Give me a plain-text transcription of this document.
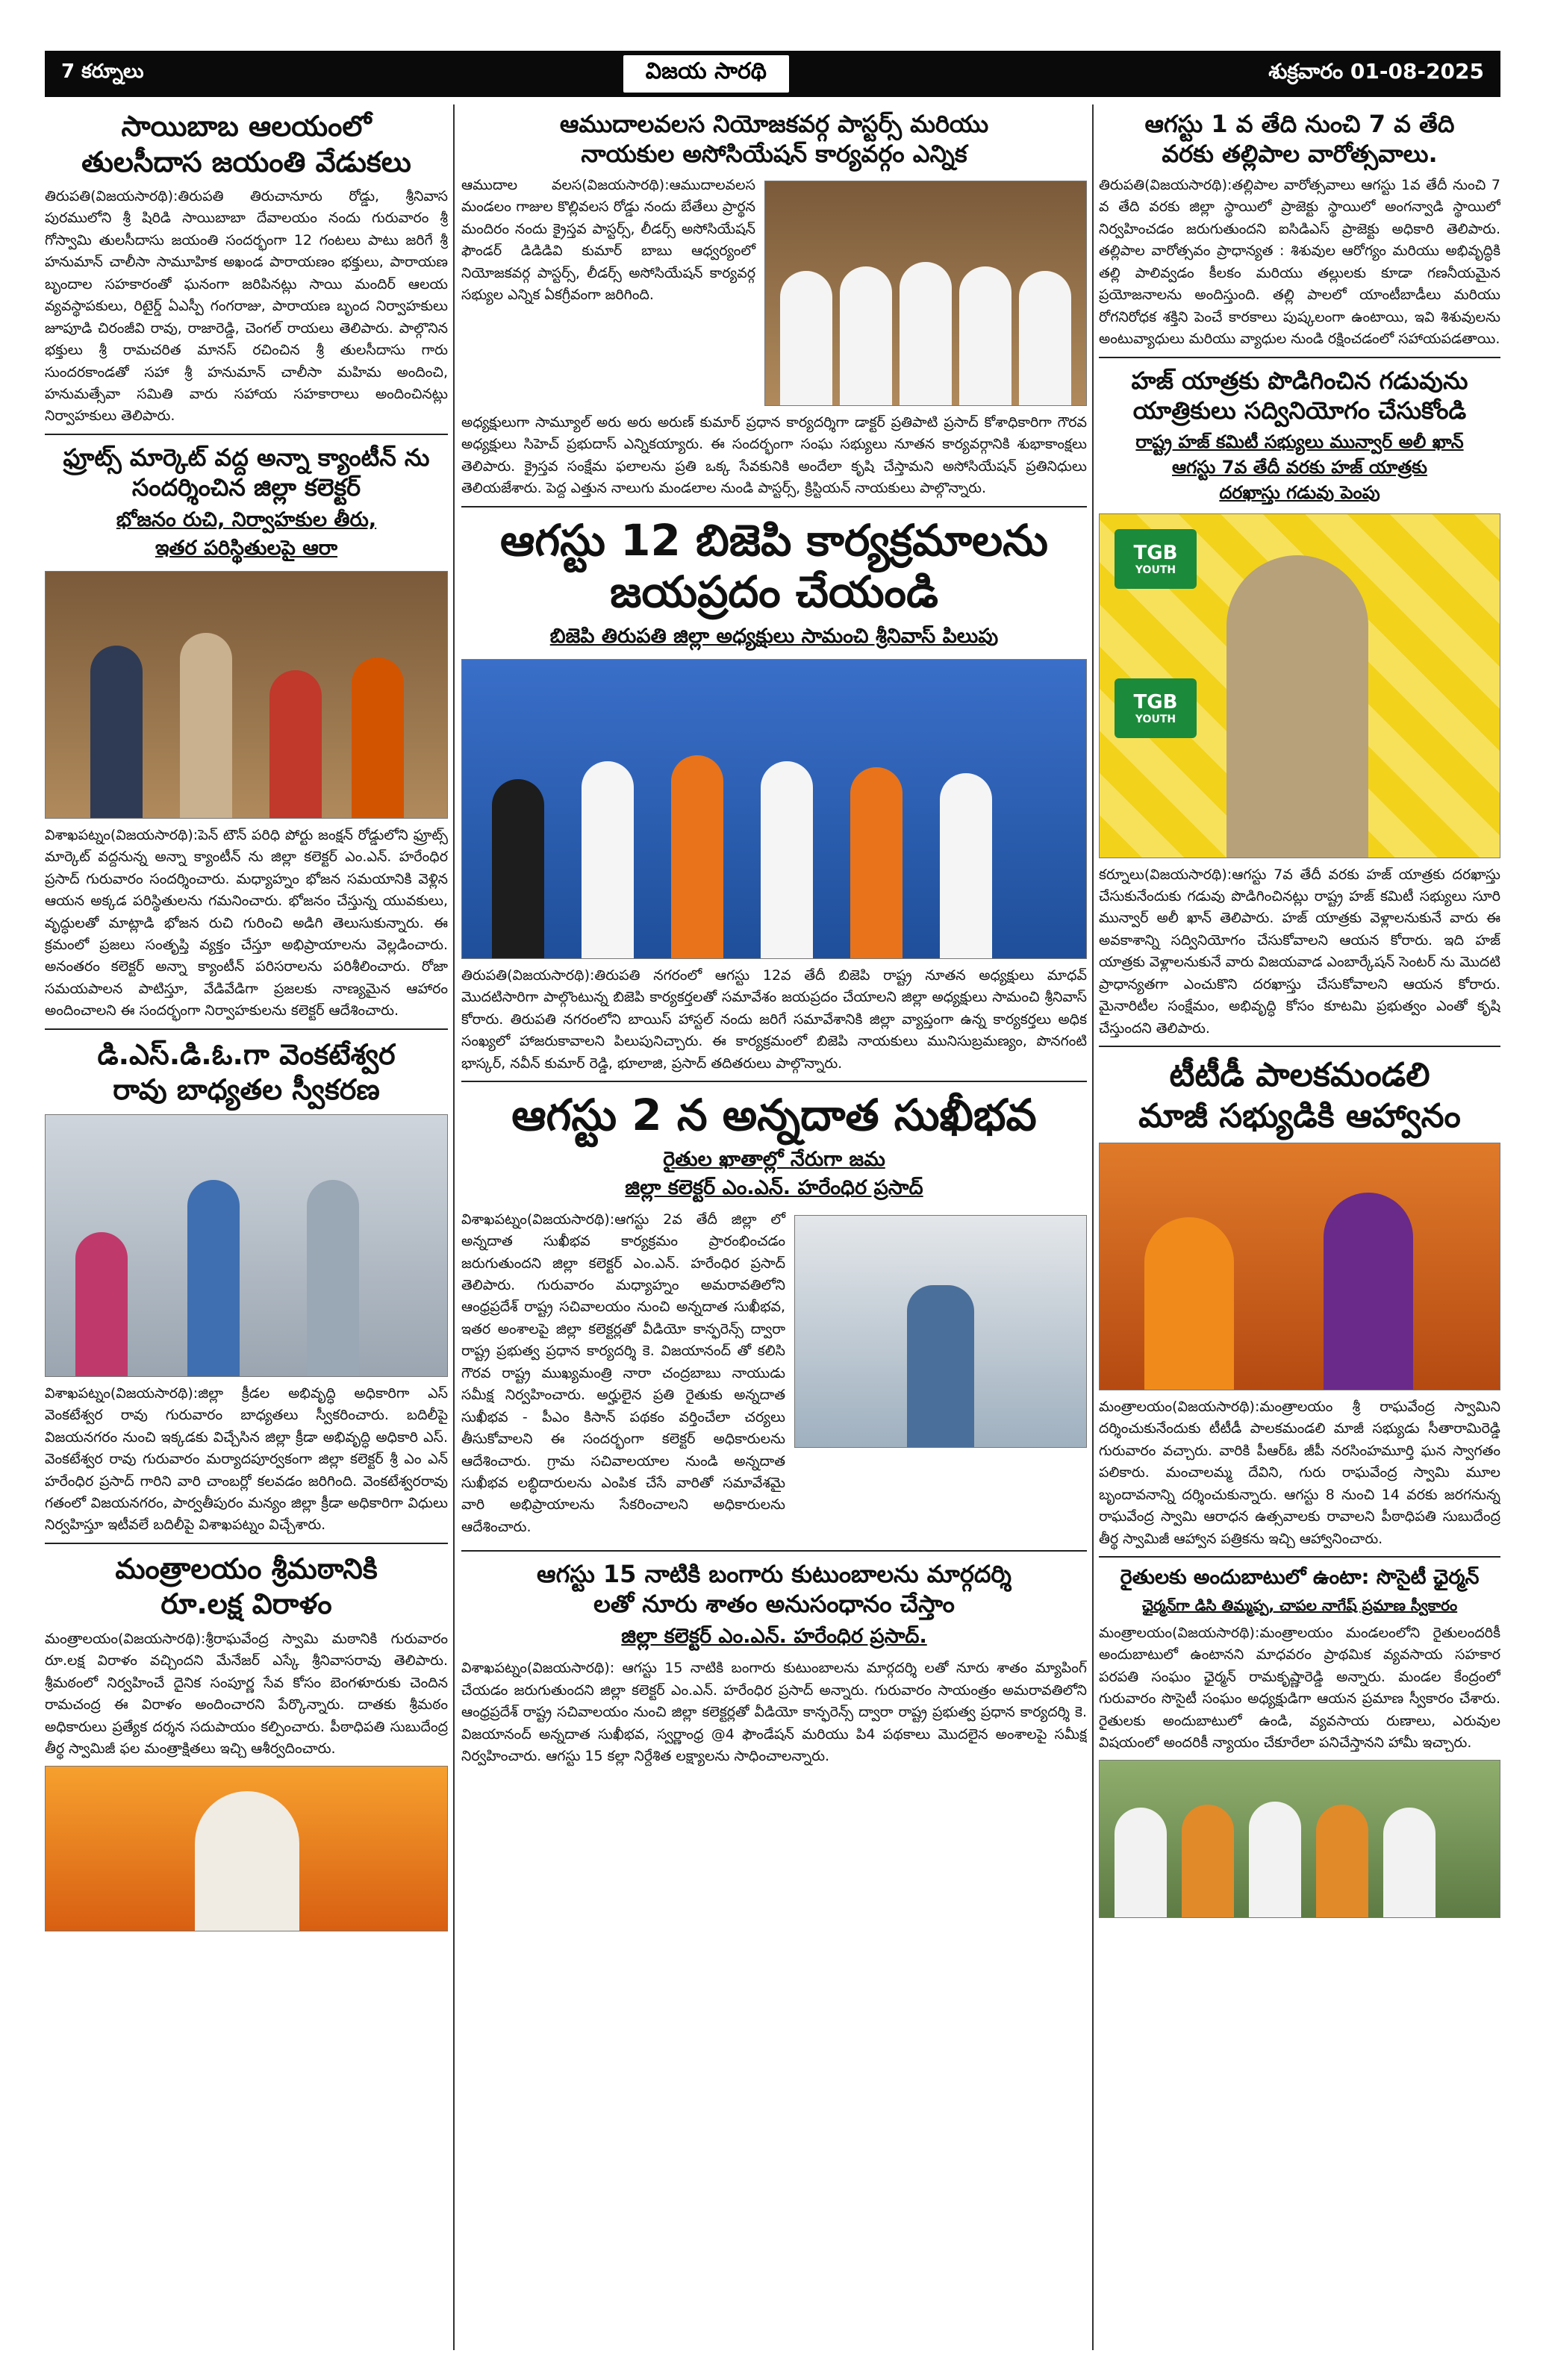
7 కర్నూలు	విజయ సారథి	శుక్రవారం 01-08-2025
సాయిబాబ ఆలయంలో
తులసీదాస జయంతి వేడుకలు

తిరుపతి(విజయసారథి):తిరుపతి తిరుచానూరు రోడ్డు, శ్రీనివాస పురములోని శ్రీ షిరిడి సాయిబాబా దేవాలయం నందు గురువారం శ్రీ గోస్వామి తులసీదాసు జయంతి సందర్భంగా 12 గంటలు పాటు జరిగే శ్రీ హనుమాన్ చాలీసా సామూహిక అఖండ పారాయణం భక్తులు, పారాయణ బృందాల సహకారంతో ఘనంగా జరిపినట్లు సాయి మందిర్ ఆలయ వ్యవస్థాపకులు, రిటైర్డ్ ఏఎస్పీ గంగరాజు, పారాయణ బృంద నిర్వాహకులు జూపూడి చిరంజీవి రావు, రాజారెడ్డి, చెంగల్ రాయలు తెలిపారు. పాల్గొనిన భక్తులు శ్రీ రామచరిత మానస్ రచించిన శ్రీ తులసీదాసు గారు సుందరకాండతో సహా శ్రీ హనుమాన్ చాలీసా మహిమ అందించి, హనుమత్సేవా సమితి వారు సహాయ సహకారాలు అందించినట్లు నిర్వాహకులు తెలిపారు.

ఫ్రూట్స్ మార్కెట్ వద్ద అన్నా క్యాంటీన్ ను
సందర్శించిన జిల్లా కలెక్టర్
భోజనం రుచి, నిర్వాహకుల తీరు,
ఇతర పరిస్థితులపై ఆరా

విశాఖపట్నం(విజయసారథి):పెన్ టౌన్ పరిధి పోర్టు జంక్షన్ రోడ్డులోని ఫ్రూట్స్ మార్కెట్ వద్దనున్న అన్నా క్యాంటీన్ ను జిల్లా కలెక్టర్ ఎం.ఎన్. హరేంధిర ప్రసాద్ గురువారం సందర్శించారు. మధ్యాహ్నం భోజన సమయానికి వెళ్లిన ఆయన అక్కడ పరిస్థితులను గమనించారు. భోజనం చేస్తున్న యువకులు, వృద్ధులతో మాట్లాడి భోజన రుచి గురించి అడిగి తెలుసుకున్నారు. ఈ క్రమంలో ప్రజలు సంతృప్తి వ్యక్తం చేస్తూ అభిప్రాయాలను వెల్లడించారు. అనంతరం కలెక్టర్ అన్నా క్యాంటీన్ పరిసరాలను పరిశీలించారు. రోజా సమయపాలన పాటిస్తూ, వేడివేడిగా ప్రజలకు నాణ్యమైన ఆహారం అందించాలని ఈ సందర్భంగా నిర్వాహకులను కలెక్టర్ ఆదేశించారు.

డి.ఎస్.డి.ఓ.గా వెంకటేశ్వర
రావు బాధ్యతల స్వీకరణ

విశాఖపట్నం(విజయసారథి):జిల్లా క్రీడల అభివృద్ధి అధికారిగా ఎస్ వెంకటేశ్వర రావు గురువారం బాధ్యతలు స్వీకరించారు. బదిలీపై విజయనగరం నుంచి ఇక్కడకు విచ్చేసిన జిల్లా క్రీడా అభివృద్ధి అధికారి ఎస్. వెంకటేశ్వర రావు గురువారం మర్యాదపూర్వకంగా జిల్లా కలెక్టర్ శ్రీ ఎం ఎన్ హరేంధిర ప్రసాద్ గారిని వారి చాంబర్లో కలవడం జరిగింది. వెంకటేశ్వరరావు గతంలో విజయనగరం, పార్వతీపురం మన్యం జిల్లా క్రీడా అధికారిగా విధులు నిర్వహిస్తూ ఇటీవలే బదిలీపై విశాఖపట్నం విచ్చేశారు.

మంత్రాలయం శ్రీమఠానికి
రూ.లక్ష విరాళం

మంత్రాలయం(విజయసారథి):శ్రీరాఘవేంద్ర స్వామి మఠానికి గురువారం రూ.లక్ష విరాళం వచ్చిందని మేనేజర్ ఎస్కే శ్రీనివాసరావు తెలిపారు. శ్రీమఠంలో నిర్వహించే దైనిక సంపూర్ణ సేవ కోసం బెంగళూరుకు చెందిన రామచంద్ర ఈ విరాళం అందించారని పేర్కొన్నారు. దాతకు శ్రీమఠం అధికారులు ప్రత్యేక దర్శన సదుపాయం కల్పించారు. పీఠాధిపతి సుబుదేంద్ర తీర్థ స్వామిజీ ఫల మంత్రాక్షితలు ఇచ్చి ఆశీర్వదించారు.

ఆముదాలవలస నియోజకవర్గ పాస్టర్స్ మరియు
నాయకుల అసోసియేషన్ కార్యవర్గం ఎన్నిక

ఆముదాల వలస(విజయసారథి):ఆముదాలవలస మండలం గాజుల కొల్లివలస రోడ్డు నందు బేతేలు ప్రార్థన మందిరం నందు క్రైస్తవ పాస్టర్స్, లీడర్స్ అసోసియేషన్ ఫౌండర్ డిడిడివి కుమార్ బాబు ఆధ్వర్యంలో నియోజకవర్గ పాస్టర్స్, లీడర్స్ అసోసియేషన్ కార్యవర్గ సభ్యుల ఎన్నిక ఏకగ్రీవంగా జరిగింది.

అధ్యక్షులుగా సామ్యూల్ అరు అరు అరుణ్ కుమార్ ప్రధాన కార్యదర్శిగా డాక్టర్ ప్రతిపాటి ప్రసాద్ కోశాధికారిగా గౌరవ అధ్యక్షులు సిహెచ్ ప్రభుదాస్ ఎన్నికయ్యారు. ఈ సందర్భంగా సంఘ సభ్యులు నూతన కార్యవర్గానికి శుభాకాంక్షలు తెలిపారు. క్రైస్తవ సంక్షేమ ఫలాలను ప్రతి ఒక్క సేవకునికి అందేలా కృషి చేస్తామని అసోసియేషన్ ప్రతినిధులు తెలియజేశారు. పెద్ద ఎత్తున నాలుగు మండలాల నుండి పాస్టర్స్, క్రిస్టియన్ నాయకులు పాల్గొన్నారు.

ఆగస్టు 12 బిజెపి కార్యక్రమాలను
జయప్రదం చేయండి
బిజెపి తిరుపతి జిల్లా అధ్యక్షులు సామంచి శ్రీనివాస్ పిలుపు

తిరుపతి(విజయసారథి):తిరుపతి నగరంలో ఆగస్టు 12వ తేదీ బిజెపి రాష్ట్ర నూతన అధ్యక్షులు మాధవ్ మొదటిసారిగా పాల్గొంటున్న బిజెపి కార్యకర్తలతో సమావేశం జయప్రదం చేయాలని జిల్లా అధ్యక్షులు సామంచి శ్రీనివాస్ కోరారు. తిరుపతి నగరంలోని బాయిస్ హాస్టల్ నందు జరిగే సమావేశానికి జిల్లా వ్యాప్తంగా ఉన్న కార్యకర్తలు అధిక సంఖ్యలో హాజరుకావాలని పిలుపునిచ్చారు. ఈ కార్యక్రమంలో బిజెపి నాయకులు మునిసుబ్రమణ్యం, పొనగంటి భాస్కర్, నవీన్ కుమార్ రెడ్డి, భూలాజి, ప్రసాద్ తదితరులు పాల్గొన్నారు.

ఆగస్టు 2 న అన్నదాత సుఖీభవ
రైతుల ఖాతాల్లో నేరుగా జమ
జిల్లా కలెక్టర్ ఎం.ఎన్. హరేంధిర ప్రసాద్

విశాఖపట్నం(విజయసారథి):ఆగస్టు 2వ తేదీ జిల్లా లో అన్నదాత సుఖీభవ కార్యక్రమం ప్రారంభించడం జరుగుతుందని జిల్లా కలెక్టర్ ఎం.ఎన్. హరేంధిర ప్రసాద్ తెలిపారు. గురువారం మధ్యాహ్నం అమరావతిలోని ఆంధ్రప్రదేశ్ రాష్ట్ర సచివాలయం నుంచి అన్నదాత సుఖీభవ, ఇతర అంశాలపై జిల్లా కలెక్టర్లతో వీడియో కాన్ఫరెన్స్ ద్వారా రాష్ట్ర ప్రభుత్వ ప్రధాన కార్యదర్శి కె. విజయానంద్ తో కలిసి గౌరవ రాష్ట్ర ముఖ్యమంత్రి నారా చంద్రబాబు నాయుడు సమీక్ష నిర్వహించారు. అర్హులైన ప్రతి రైతుకు అన్నదాత సుఖీభవ - పీఎం కిసాన్ పథకం వర్తించేలా చర్యలు తీసుకోవాలని ఈ సందర్భంగా కలెక్టర్ అధికారులను ఆదేశించారు. గ్రామ సచివాలయాల నుండి అన్నదాత సుఖీభవ లబ్ధిదారులను ఎంపిక చేసే వారితో సమావేశమై వారి అభిప్రాయాలను సేకరించాలని అధికారులను ఆదేశించారు.

ఆగస్టు 15 నాటికి బంగారు కుటుంబాలను మార్గదర్శి
లతో నూరు శాతం అనుసంధానం చేస్తాం
జిల్లా కలెక్టర్ ఎం.ఎన్. హరేంధిర ప్రసాద్.

విశాఖపట్నం(విజయసారథి): ఆగస్టు 15 నాటికి బంగారు కుటుంబాలను మార్గదర్శి లతో నూరు శాతం మ్యాపింగ్ చేయడం జరుగుతుందని జిల్లా కలెక్టర్ ఎం.ఎన్. హరేంధిర ప్రసాద్ అన్నారు. గురువారం సాయంత్రం అమరావతిలోని ఆంధ్రప్రదేశ్ రాష్ట్ర సచివాలయం నుంచి జిల్లా కలెక్టర్లతో వీడియో కాన్ఫరెన్స్ ద్వారా రాష్ట్ర ప్రభుత్వ ప్రధాన కార్యదర్శి కె. విజయానంద్ అన్నదాత సుఖీభవ, స్వర్ణాంధ్ర @4 ఫౌండేషన్ మరియు పి4 పథకాలు మొదలైన అంశాలపై సమీక్ష నిర్వహించారు. ఆగస్టు 15 కల్లా నిర్దేశిత లక్ష్యాలను సాధించాలన్నారు.

ఆగస్టు 1 వ తేది నుంచి 7 వ తేది
వరకు తల్లిపాల వారోత్సవాలు.

తిరుపతి(విజయసారథి):తల్లిపాల వారోత్సవాలు ఆగస్టు 1వ తేదీ నుంచి 7 వ తేది వరకు జిల్లా స్థాయిలో ప్రాజెక్టు స్థాయిలో అంగన్వాడి స్థాయిలో నిర్వహించడం జరుగుతుందని ఐసిడిఎస్ ప్రాజెక్టు అధికారి తెలిపారు. తల్లిపాల వారోత్సవం ప్రాధాన్యత : శిశువుల ఆరోగ్యం మరియు అభివృద్ధికి తల్లి పాలివ్వడం కీలకం మరియు తల్లులకు కూడా గణనీయమైన ప్రయోజనాలను అందిస్తుంది. తల్లి పాలలో యాంటీబాడీలు మరియు రోగనిరోధక శక్తిని పెంచే కారకాలు పుష్కలంగా ఉంటాయి, ఇవి శిశువులను అంటువ్యాధులు మరియు వ్యాధుల నుండి రక్షించడంలో సహాయపడతాయి.

హజ్ యాత్రకు పొడిగించిన గడువును
యాత్రికులు సద్వినియోగం చేసుకోండి
రాష్ట్ర హజ్ కమిటీ సభ్యులు మున్వార్ అలీ ఖాన్
ఆగస్టు 7వ తేదీ వరకు హజ్ యాత్రకు
దరఖాస్తు గడువు పెంపు
TGB
YOUTH
TGB
YOUTH

కర్నూలు(విజయసారథి):ఆగస్టు 7వ తేదీ వరకు హజ్ యాత్రకు దరఖాస్తు చేసుకునేందుకు గడువు పొడిగించినట్లు రాష్ట్ర హజ్ కమిటీ సభ్యులు సూరి మున్వార్ అలీ ఖాన్ తెలిపారు. హజ్ యాత్రకు వెళ్లాలనుకునే వారు ఈ అవకాశాన్ని సద్వినియోగం చేసుకోవాలని ఆయన కోరారు. ఇది హజ్ యాత్రకు వెళ్లాలనుకునే వారు విజయవాడ ఎంబార్కేషన్ సెంటర్ ను మొదటి ప్రాధాన్యతగా ఎంచుకొని దరఖాస్తు చేసుకోవాలని ఆయన కోరారు. మైనారిటీల సంక్షేమం, అభివృద్ధి కోసం కూటమి ప్రభుత్వం ఎంతో కృషి చేస్తుందని తెలిపారు.

టీటీడీ పాలకమండలి
మాజీ సభ్యుడికి ఆహ్వానం

మంత్రాలయం(విజయసారథి):మంత్రాలయం శ్రీ రాఘవేంద్ర స్వామిని దర్శించుకునేందుకు టీటీడీ పాలకమండలి మాజీ సభ్యుడు సీతారామిరెడ్డి గురువారం వచ్చారు. వారికి పీఆర్ఓ జీపీ నరసింహమూర్తి ఘన స్వాగతం పలికారు. మంచాలమ్మ దేవిని, గురు రాఘవేంద్ర స్వామి మూల బృందావనాన్ని దర్శించుకున్నారు. ఆగస్టు 8 నుంచి 14 వరకు జరగనున్న రాఘవేంద్ర స్వామి ఆరాధన ఉత్సవాలకు రావాలని పీఠాధిపతి సుబుదేంద్ర తీర్థ స్వామిజీ ఆహ్వాన పత్రికను ఇచ్చి ఆహ్వానించారు.

రైతులకు అందుబాటులో ఉంటా: సొసైటీ ఛైర్మన్
ఛైర్మన్‌గా డిసి తిమ్మప్ప, చాపల నాగేష్ ప్రమాణ స్వీకారం

మంత్రాలయం(విజయసారథి):మంత్రాలయం మండలంలోని రైతులందరికీ అందుబాటులో ఉంటానని మాధవరం ప్రాథమిక వ్యవసాయ సహకార పరపతి సంఘం ఛైర్మన్ రామకృష్ణారెడ్డి అన్నారు. మండల కేంద్రంలో గురువారం సొసైటీ సంఘం అధ్యక్షుడిగా ఆయన ప్రమాణ స్వీకారం చేశారు. రైతులకు అందుబాటులో ఉండి, వ్యవసాయ రుణాలు, ఎరువుల విషయంలో అందరికీ న్యాయం చేకూరేలా పనిచేస్తానని హామీ ఇచ్చారు.
